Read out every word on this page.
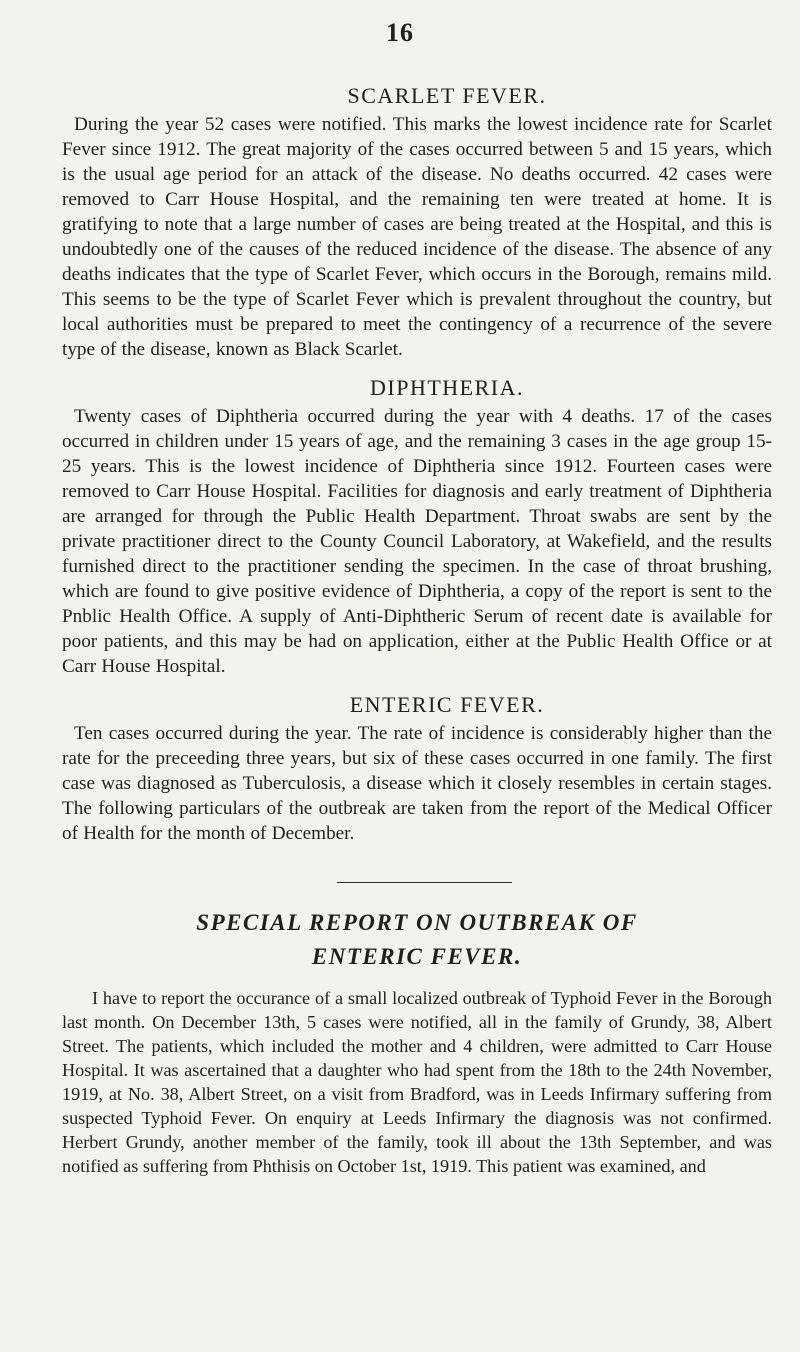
16
SCARLET FEVER.

During the year 52 cases were notified. This marks the lowest incidence rate for Scarlet Fever since 1912. The great majority of the cases occurred between 5 and 15 years, which is the usual age period for an attack of the disease. No deaths occurred. 42 cases were removed to Carr House Hospital, and the remaining ten were treated at home. It is gratifying to note that a large number of cases are being treated at the Hospital, and this is undoubtedly one of the causes of the reduced incidence of the disease. The absence of any deaths indicates that the type of Scarlet Fever, which occurs in the Borough, remains mild. This seems to be the type of Scarlet Fever which is prevalent throughout the country, but local authorities must be prepared to meet the contingency of a recurrence of the severe type of the disease, known as Black Scarlet.

DIPHTHERIA.

Twenty cases of Diphtheria occurred during the year with 4 deaths. 17 of the cases occurred in children under 15 years of age, and the remaining 3 cases in the age group 15-25 years. This is the lowest incidence of Diphtheria since 1912. Fourteen cases were removed to Carr House Hospital. Facilities for diagnosis and early treatment of Diphtheria are arranged for through the Public Health Department. Throat swabs are sent by the private practitioner direct to the County Council Laboratory, at Wakefield, and the results furnished direct to the practitioner sending the specimen. In the case of throat brushing, which are found to give positive evidence of Diphtheria, a copy of the report is sent to the Pnblic Health Office. A supply of Anti-Diphtheric Serum of recent date is available for poor patients, and this may be had on application, either at the Public Health Office or at Carr House Hospital.

ENTERIC FEVER.

Ten cases occurred during the year. The rate of incidence is considerably higher than the rate for the preceeding three years, but six of these cases occurred in one family. The first case was diagnosed as Tuberculosis, a disease which it closely resembles in certain stages. The following particulars of the outbreak are taken from the report of the Medical Officer of Health for the month of December.

SPECIAL REPORT ON OUTBREAK OF
ENTERIC FEVER.

I have to report the occurance of a small localized outbreak of Typhoid Fever in the Borough last month. On December 13th, 5 cases were notified, all in the family of Grundy, 38, Albert Street. The patients, which included the mother and 4 children, were admitted to Carr House Hospital. It was ascertained that a daughter who had spent from the 18th to the 24th November, 1919, at No. 38, Albert Street, on a visit from Bradford, was in Leeds Infirmary suffering from suspected Typhoid Fever. On enquiry at Leeds Infirmary the diagnosis was not confirmed. Herbert Grundy, another member of the family, took ill about the 13th September, and was notified as suffering from Phthisis on October 1st, 1919. This patient was examined, and
